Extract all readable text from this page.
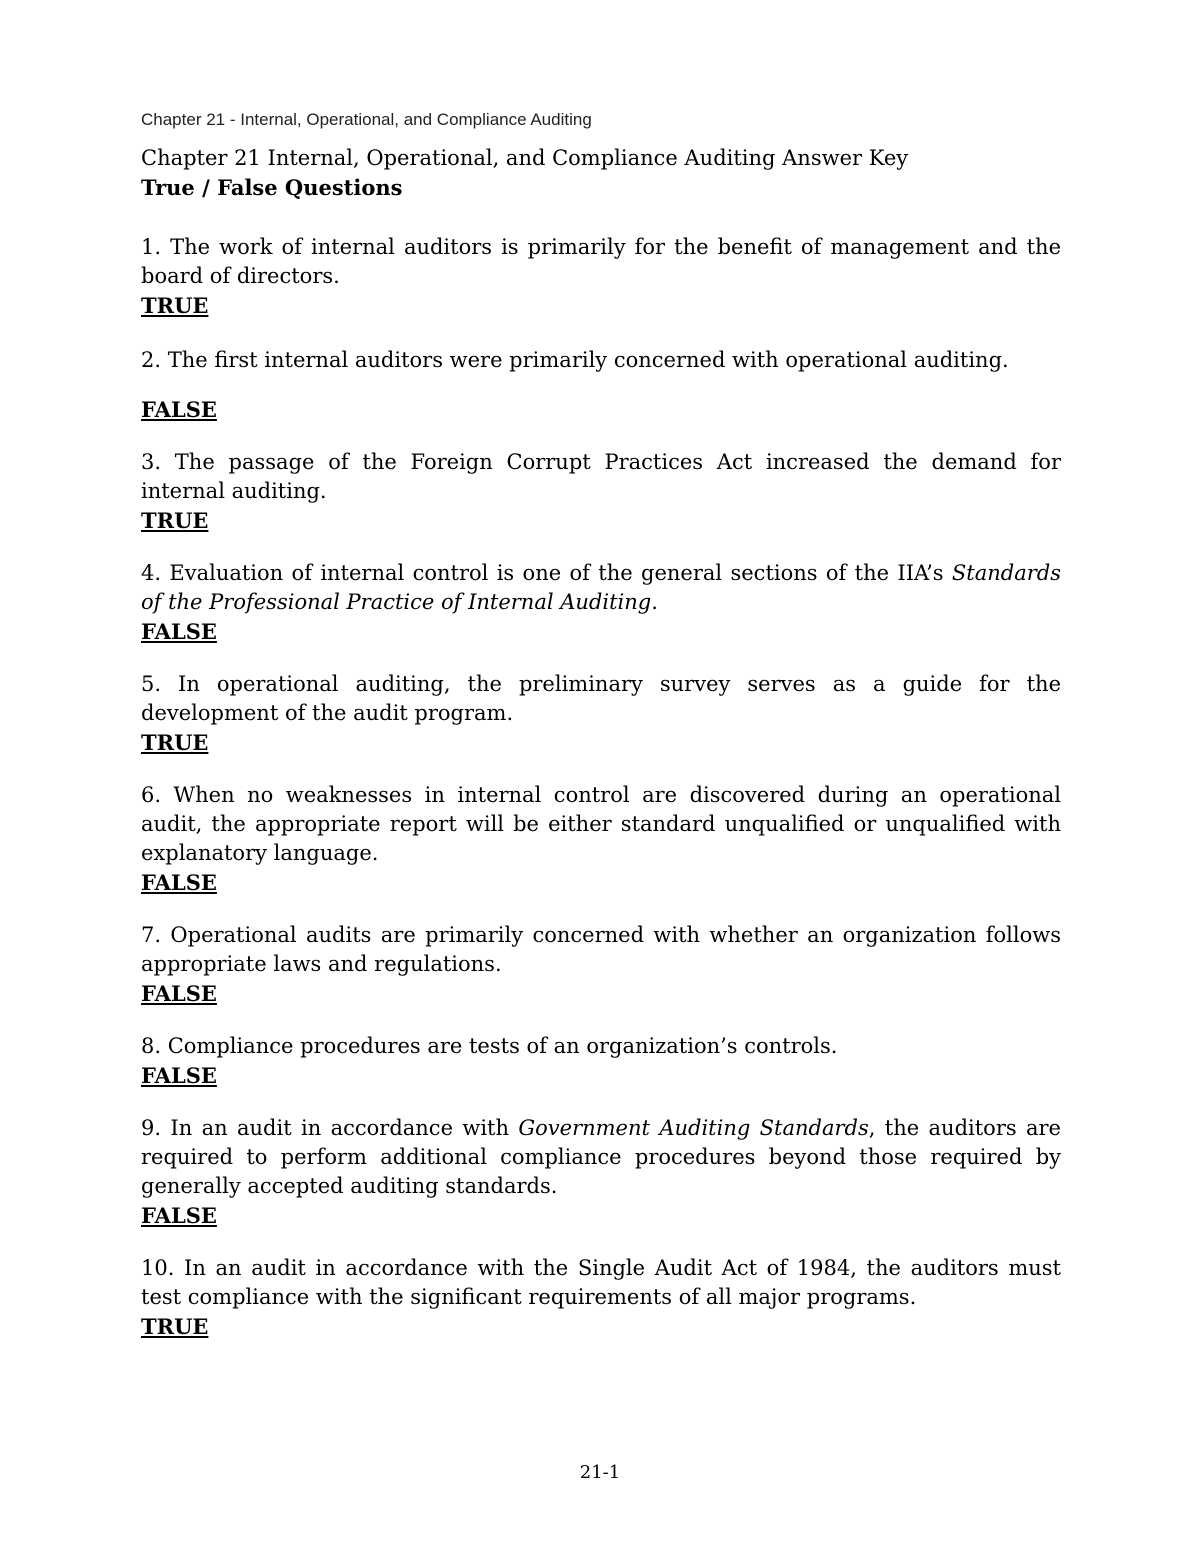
Chapter 21 - Internal, Operational, and Compliance Auditing
Chapter 21 Internal, Operational, and Compliance Auditing Answer Key
True / False Questions

1. The work of internal auditors is primarily for the benefit of management and the board of directors.

TRUE

2. The first internal auditors were primarily concerned with operational auditing.

FALSE

3. The passage of the Foreign Corrupt Practices Act increased the demand for internal auditing.

TRUE

4. Evaluation of internal control is one of the general sections of the IIA’s Standards of the Professional Practice of Internal Auditing.

FALSE

5. In operational auditing, the preliminary survey serves as a guide for the development of the audit program.

TRUE

6. When no weaknesses in internal control are discovered during an operational audit, the appropriate report will be either standard unqualified or unqualified with explanatory language.

FALSE

7. Operational audits are primarily concerned with whether an organization follows appropriate laws and regulations.

FALSE

8. Compliance procedures are tests of an organization’s controls.

FALSE

9. In an audit in accordance with Government Auditing Standards, the auditors are required to perform additional compliance procedures beyond those required by generally accepted auditing standards.

FALSE

10. In an audit in accordance with the Single Audit Act of 1984, the auditors must test compliance with the significant requirements of all major programs.

TRUE
21-1
